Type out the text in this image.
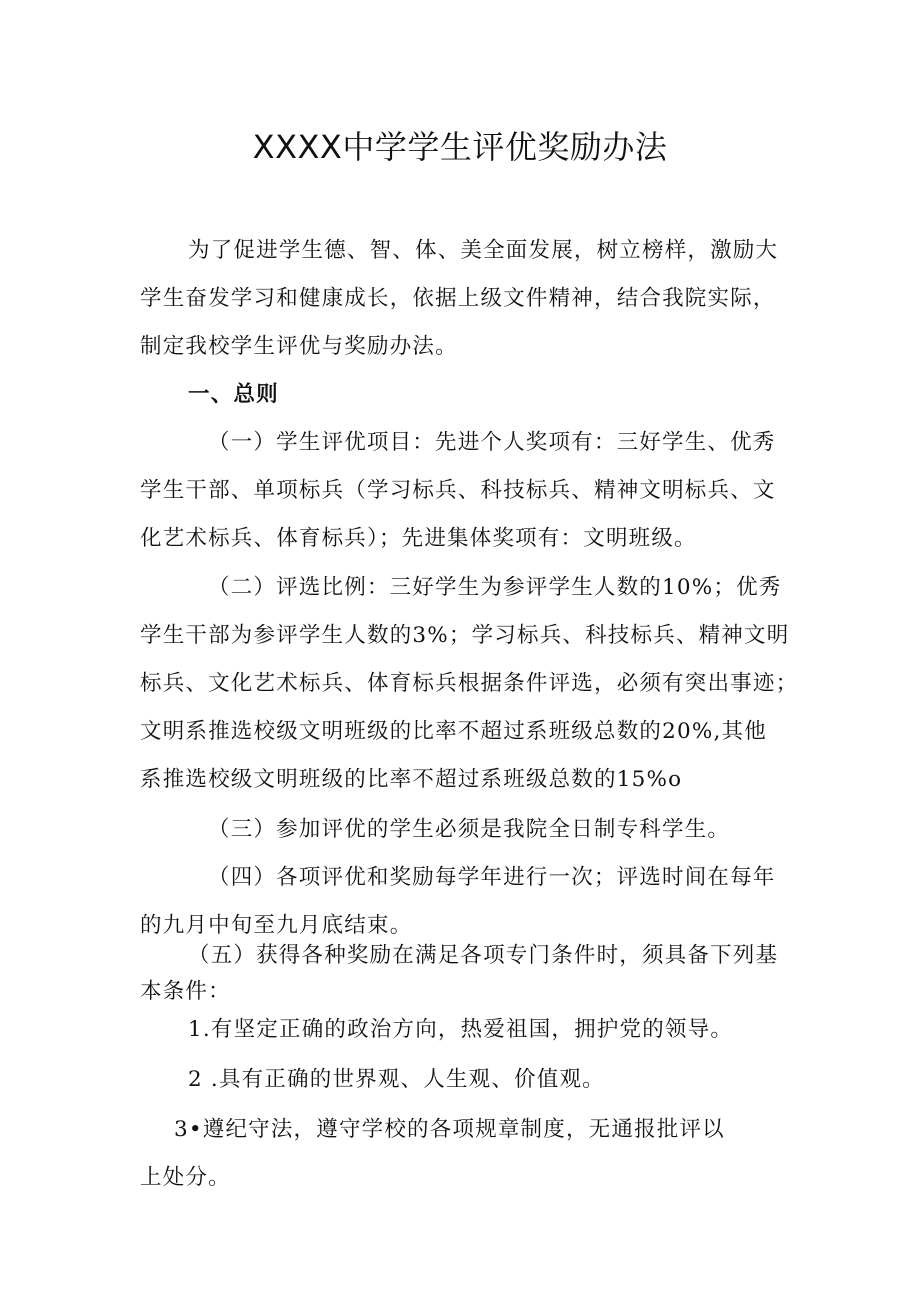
XXXX中学学生评优奖励办法
为了促进学生德、智、体、美全面发展，树立榜样，激励大
学生奋发学习和健康成长，依据上级文件精神，结合我院实际，
制定我校学生评优与奖励办法。
一、总则
（一）学生评优项目：先进个人奖项有：三好学生、优秀
学生干部、单项标兵（学习标兵、科技标兵、精神文明标兵、文
化艺术标兵、体育标兵）；先进集体奖项有：文明班级。
（二）评选比例：三好学生为参评学生人数的10%；优秀
学生干部为参评学生人数的3%；学习标兵、科技标兵、精神文明
标兵、文化艺术标兵、体育标兵根据条件评选，必须有突出事迹；
文明系推选校级文明班级的比率不超过系班级总数的20%,其他
系推选校级文明班级的比率不超过系班级总数的15%o
（三）参加评优的学生必须是我院全日制专科学生。
（四）各项评优和奖励每学年进行一次；评选时间在每年
的九月中旬至九月底结束。
（五）获得各种奖励在满足各项专门条件时，须具备下列基
本条件：
1.有坚定正确的政治方向，热爱祖国，拥护党的领导。
2 .具有正确的世界观、人生观、价值观。
3•遵纪守法，遵守学校的各项规章制度，无通报批评以
上处分。
